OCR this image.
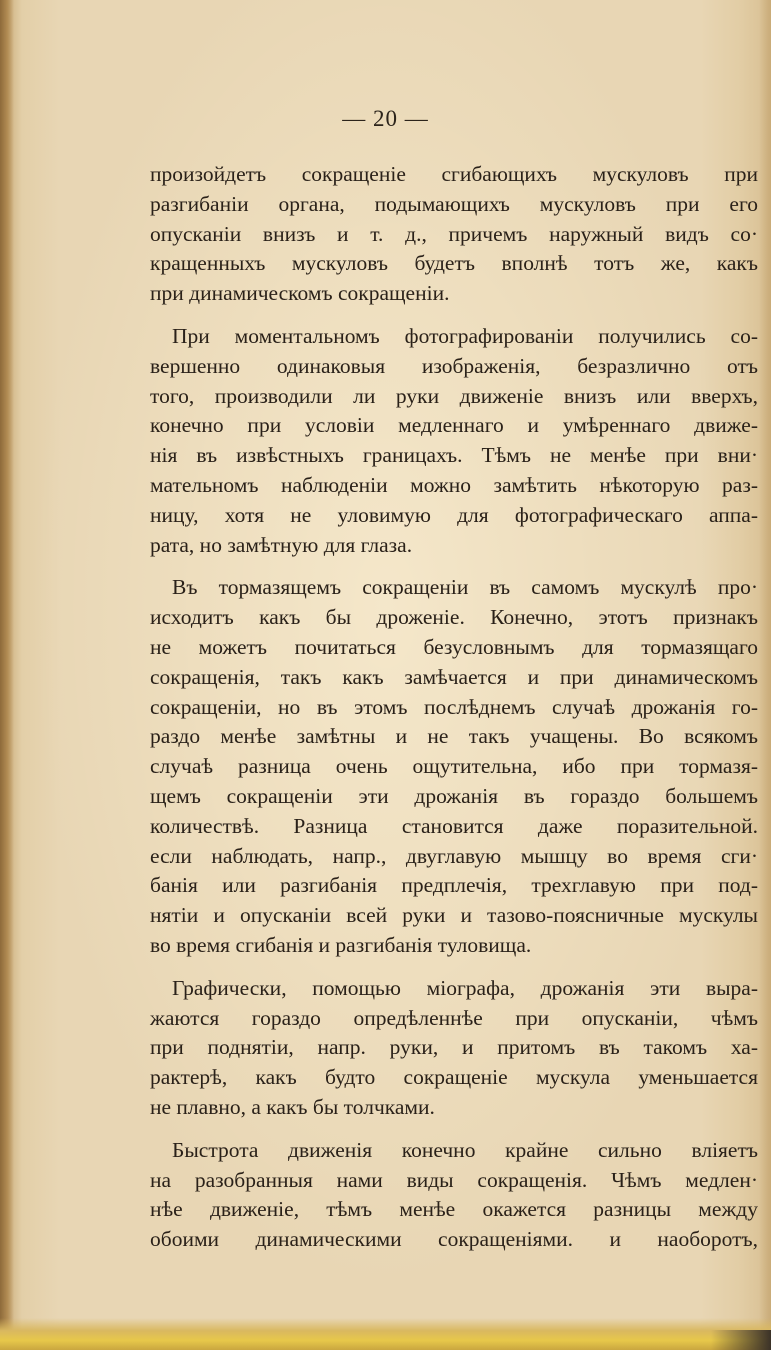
— 20 —

произойдетъ сокращеніе сгибающихъ мускуловъ при
разгибаніи органа, подымающихъ мускуловъ при его
опусканіи внизъ и т. д., причемъ наружный видъ со·
кращенныхъ мускуловъ будетъ вполнѣ тотъ же, какъ
при динамическомъ сокращеніи.

При моментальномъ фотографированіи получились со-
вершенно одинаковыя изображенія, безразлично отъ
того, производили ли руки движеніе внизъ или вверхъ,
конечно при условіи медленнаго и умѣреннаго движе-
нія въ извѣстныхъ границахъ. Тѣмъ не менѣе при вни·
мательномъ наблюденіи можно замѣтить нѣкоторую раз-
ницу, хотя не уловимую для фотографическаго аппа-
рата, но замѣтную для глаза.

Въ тормазящемъ сокращеніи въ самомъ мускулѣ про·
исходитъ какъ бы дроженіе. Конечно, этотъ признакъ
не можетъ почитаться безусловнымъ для тормазящаго
сокращенія, такъ какъ замѣчается и при динамическомъ
сокращеніи, но въ этомъ послѣднемъ случаѣ дрожанія го-
раздо менѣе замѣтны и не такъ учащены. Во всякомъ
случаѣ разница очень ощутительна, ибо при тормазя-
щемъ сокращеніи эти дрожанія въ гораздо большемъ
количествѣ. Разница становится даже поразительной.
если наблюдать, напр., двуглавую мышцу во время сги·
банія или разгибанія предплечія, трехглавую при под-
нятіи и опусканіи всей руки и тазово-поясничные мускулы
во время сгибанія и разгибанія туловища.

Графически, помощью міографа, дрожанія эти выра-
жаются гораздо опредѣленнѣе при опусканіи, чѣмъ
при поднятіи, напр. руки, и притомъ въ такомъ ха-
рактерѣ, какъ будто сокращеніе мускула уменьшается
не плавно, а какъ бы толчками.

Быстрота движенія конечно крайне сильно вліяетъ
на разобранныя нами виды сокращенія. Чѣмъ медлен·
нѣе движеніе, тѣмъ менѣе окажется разницы между
обоими динамическими сокращеніями. и наоборотъ,
